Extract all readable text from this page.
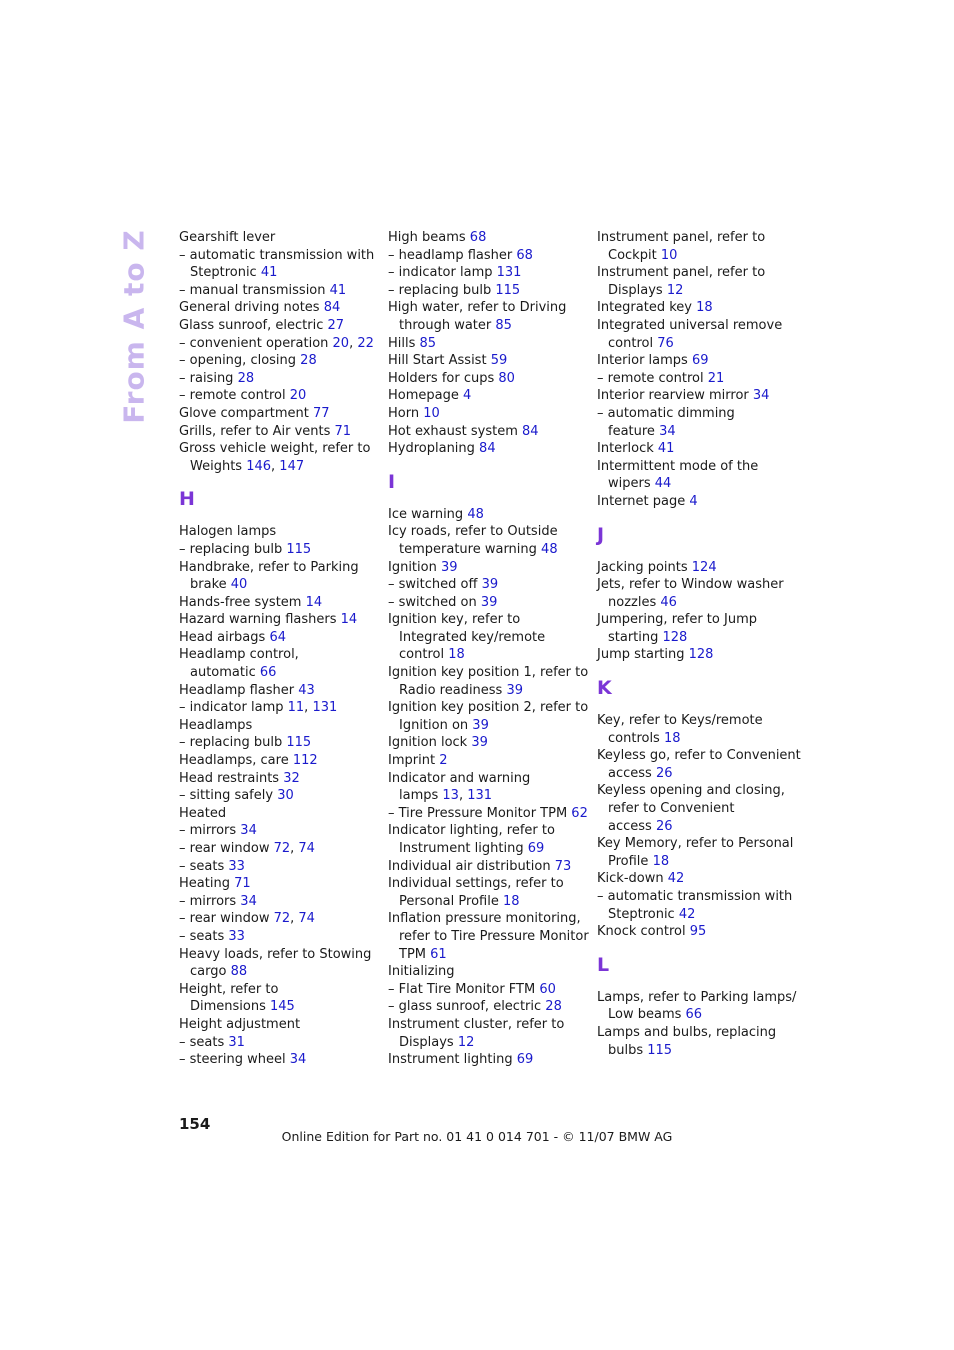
From A to Z Gearshift lever
– automatic transmission with
Steptronic 41
– manual transmission 41
General driving notes 84
Glass sunroof, electric 27
– convenient operation 20, 22
– opening, closing 28
– raising 28
– remote control 20
Glove compartment 77
Grills, refer to Air vents 71
Gross vehicle weight, refer to
Weights 146, 147
H
Halogen lamps
– replacing bulb 115
Handbrake, refer to Parking
brake 40
Hands-free system 14
Hazard warning flashers 14
Head airbags 64
Headlamp control,
automatic 66
Headlamp flasher 43
– indicator lamp 11, 131
Headlamps
– replacing bulb 115
Headlamps, care 112
Head restraints 32
– sitting safely 30
Heated
– mirrors 34
– rear window 72, 74
– seats 33
Heating 71
– mirrors 34
– rear window 72, 74
– seats 33
Heavy loads, refer to Stowing
cargo 88
Height, refer to
Dimensions 145
Height adjustment
– seats 31
– steering wheel 34
High beams 68
– headlamp flasher 68
– indicator lamp 131
– replacing bulb 115
High water, refer to Driving
through water 85
Hills 85
Hill Start Assist 59
Holders for cups 80
Homepage 4
Horn 10
Hot exhaust system 84
Hydroplaning 84
I
Ice warning 48
Icy roads, refer to Outside
temperature warning 48
Ignition 39
– switched off 39
– switched on 39
Ignition key, refer to
Integrated key/remote
control 18
Ignition key position 1, refer to
Radio readiness 39
Ignition key position 2, refer to
Ignition on 39
Ignition lock 39
Imprint 2
Indicator and warning
lamps 13, 131
– Tire Pressure Monitor TPM 62
Indicator lighting, refer to
Instrument lighting 69
Individual air distribution 73
Individual settings, refer to
Personal Profile 18
Inflation pressure monitoring,
refer to Tire Pressure Monitor
TPM 61
Initializing
– Flat Tire Monitor FTM 60
– glass sunroof, electric 28
Instrument cluster, refer to
Displays 12
Instrument lighting 69
Instrument panel, refer to
Cockpit 10
Instrument panel, refer to
Displays 12
Integrated key 18
Integrated universal remove
control 76
Interior lamps 69
– remote control 21
Interior rearview mirror 34
– automatic dimming
feature 34
Interlock 41
Intermittent mode of the
wipers 44
Internet page 4
J
Jacking points 124
Jets, refer to Window washer
nozzles 46
Jumpering, refer to Jump
starting 128
Jump starting 128
K
Key, refer to Keys/remote
controls 18
Keyless go, refer to Convenient
access 26
Keyless opening and closing,
refer to Convenient
access 26
Key Memory, refer to Personal
Profile 18
Kick-down 42
– automatic transmission with
Steptronic 42
Knock control 95
L
Lamps, refer to Parking lamps/
Low beams 66
Lamps and bulbs, replacing
bulbs 115
154
Online Edition for Part no. 01 41 0 014 701 - © 11/07 BMW AG
